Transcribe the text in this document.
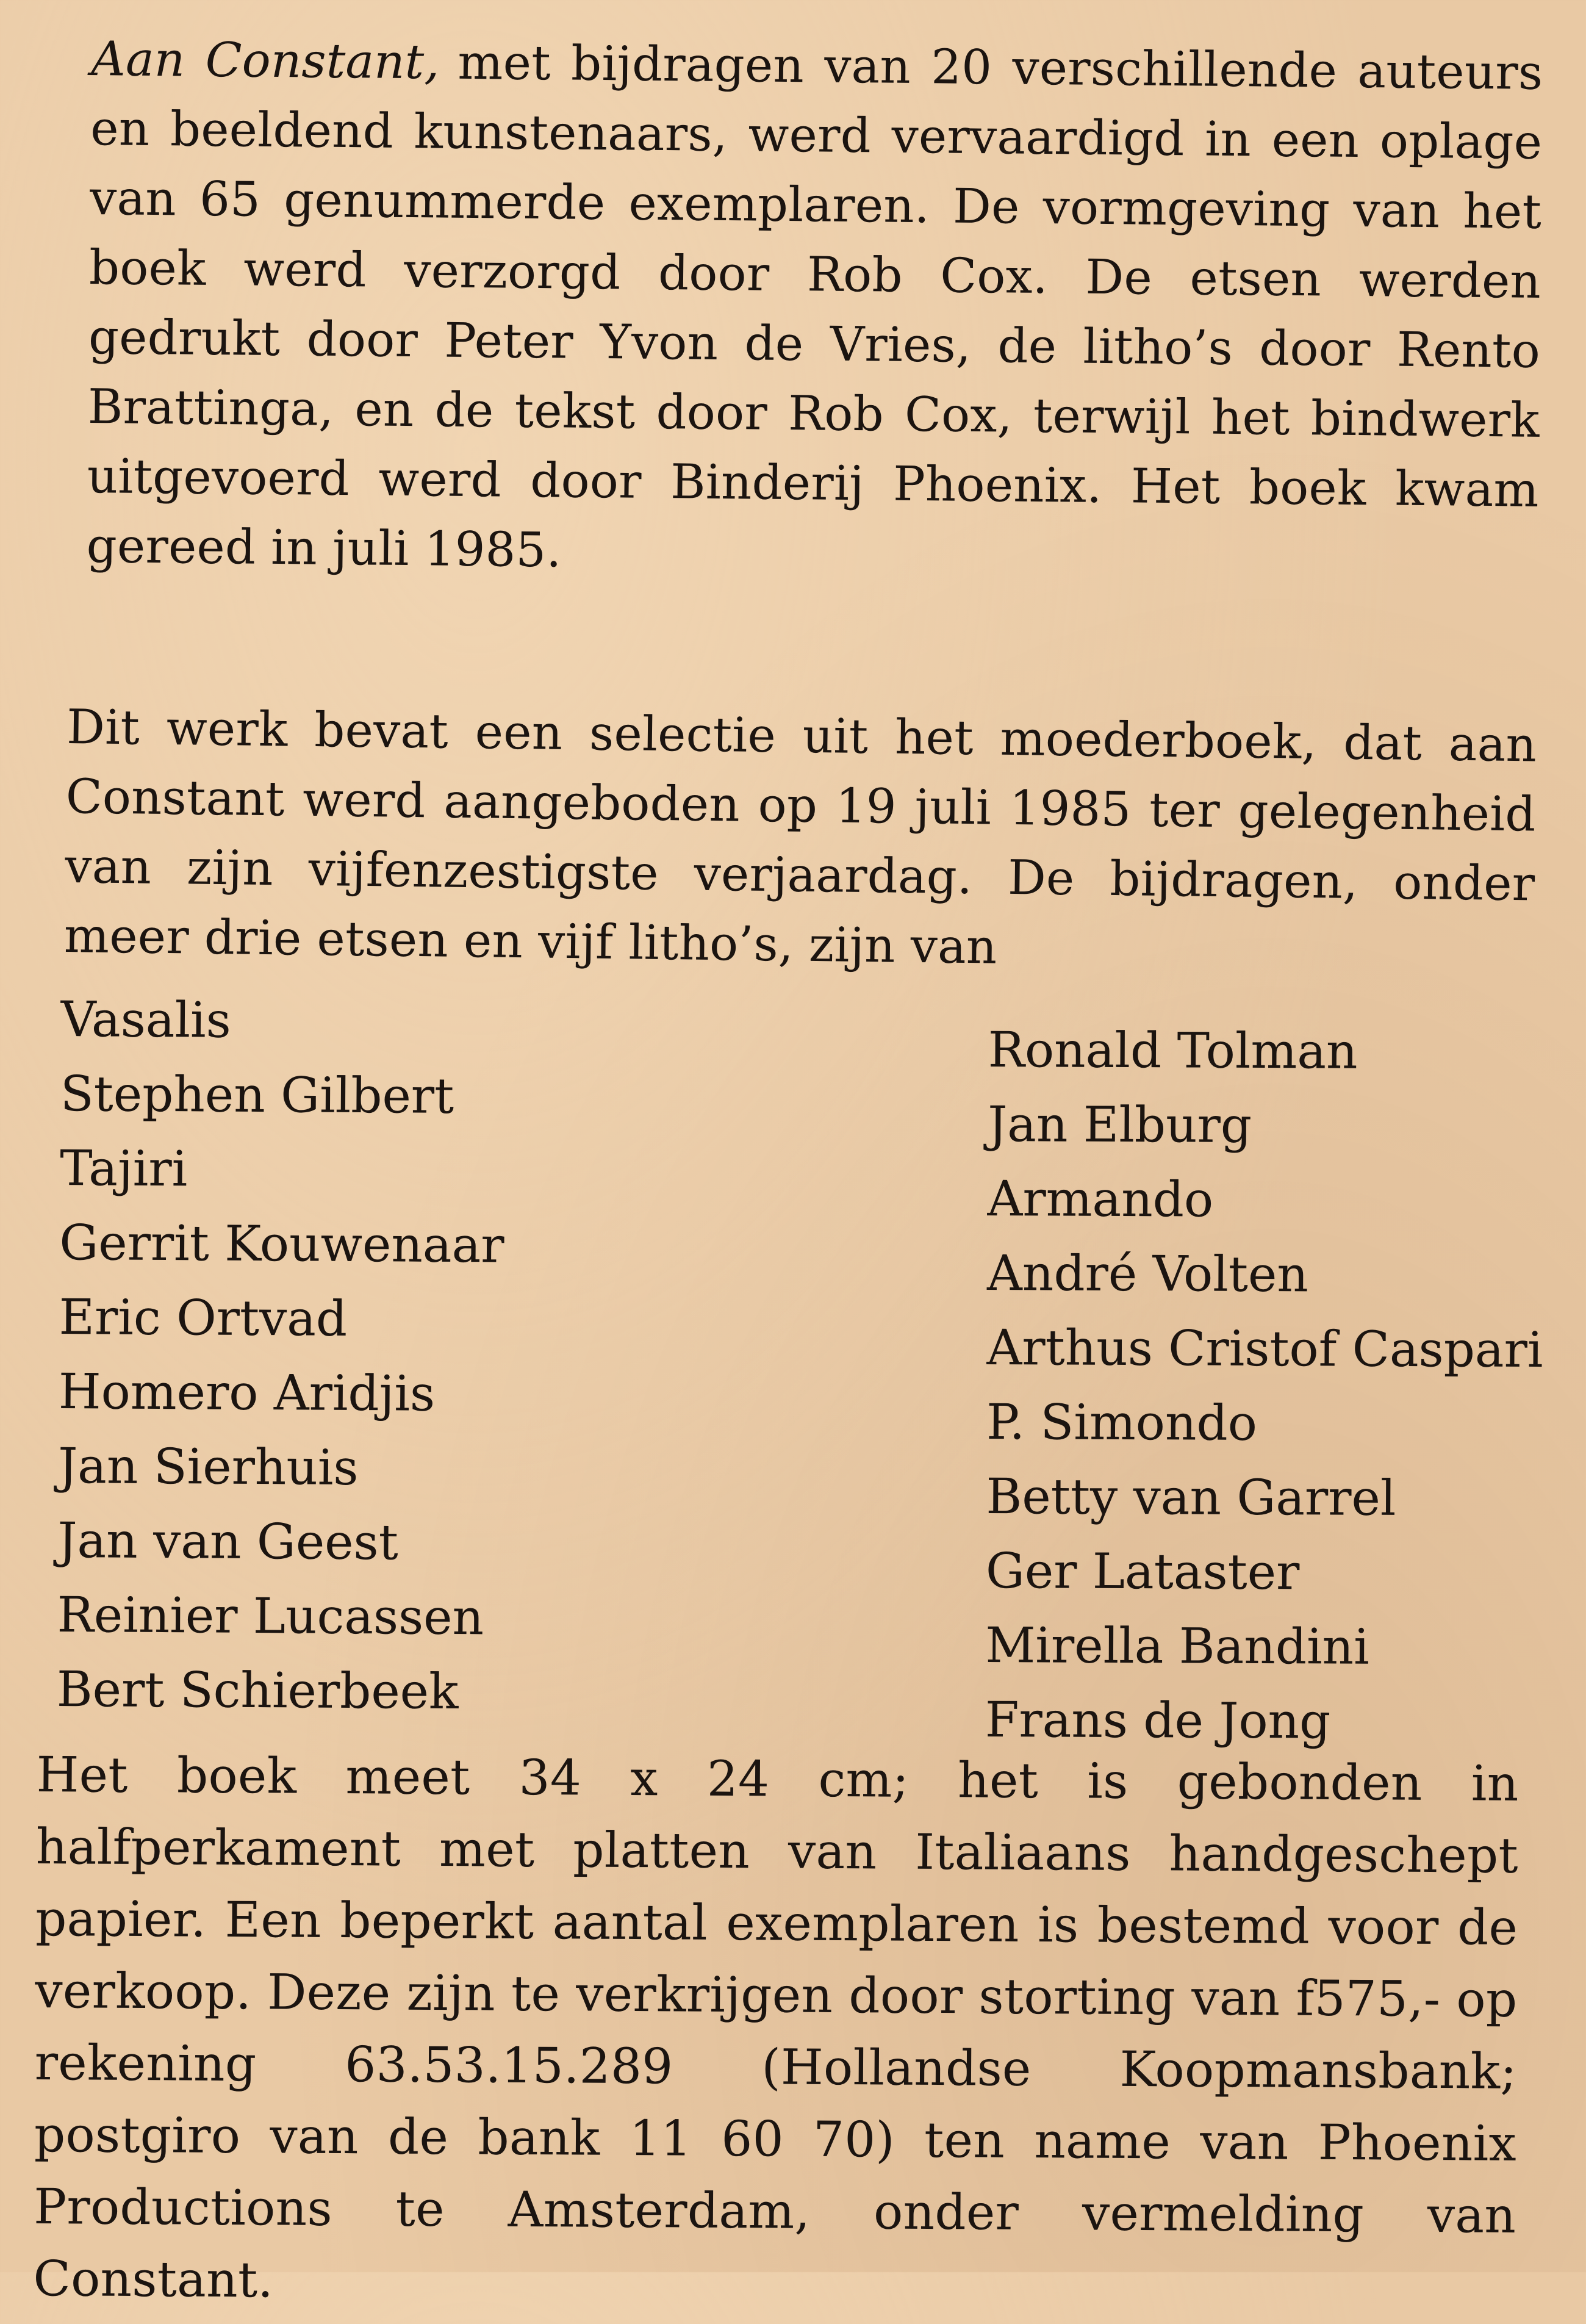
Aan Constant, met bijdragen van 20 verschillende auteurs en beeldend kunstenaars, werd vervaardigd in een oplage van 65 genummerde exemplaren. De vormgeving van het boek werd verzorgd door Rob Cox. De etsen werden gedrukt door Peter Yvon de Vries, de litho’s door Rento Brattinga, en de tekst door Rob Cox, terwijl het bindwerk uitgevoerd werd door Binderij Phoenix. Het boek kwam gereed in juli 1985.

Dit werk bevat een selectie uit het moederboek, dat aan Constant werd aangeboden op 19 juli 1985 ter gelegenheid van zijn vijfenzestigste verjaardag. De bijdragen, onder meer drie etsen en vijf litho’s, zijn van

Vasalis
Stephen Gilbert
Tajiri
Gerrit Kouwenaar
Eric Ortvad
Homero Aridjis
Jan Sierhuis
Jan van Geest
Reinier Lucassen
Bert Schierbeek
Ronald Tolman
Jan Elburg
Armando
André Volten
Arthus Cristof Caspari
P. Simondo
Betty van Garrel
Ger Lataster
Mirella Bandini
Frans de Jong

Het boek meet 34 x 24 cm; het is gebonden in halfperkament met platten van Italiaans handgeschept papier. Een beperkt aantal exemplaren is bestemd voor de verkoop. Deze zijn te verkrijgen door storting van f575,- op rekening 63.53.15.289 (Hollandse Koopmansbank; postgiro van de bank 11 60 70) ten name van Phoenix Productions te Amsterdam, onder vermelding van Constant.
